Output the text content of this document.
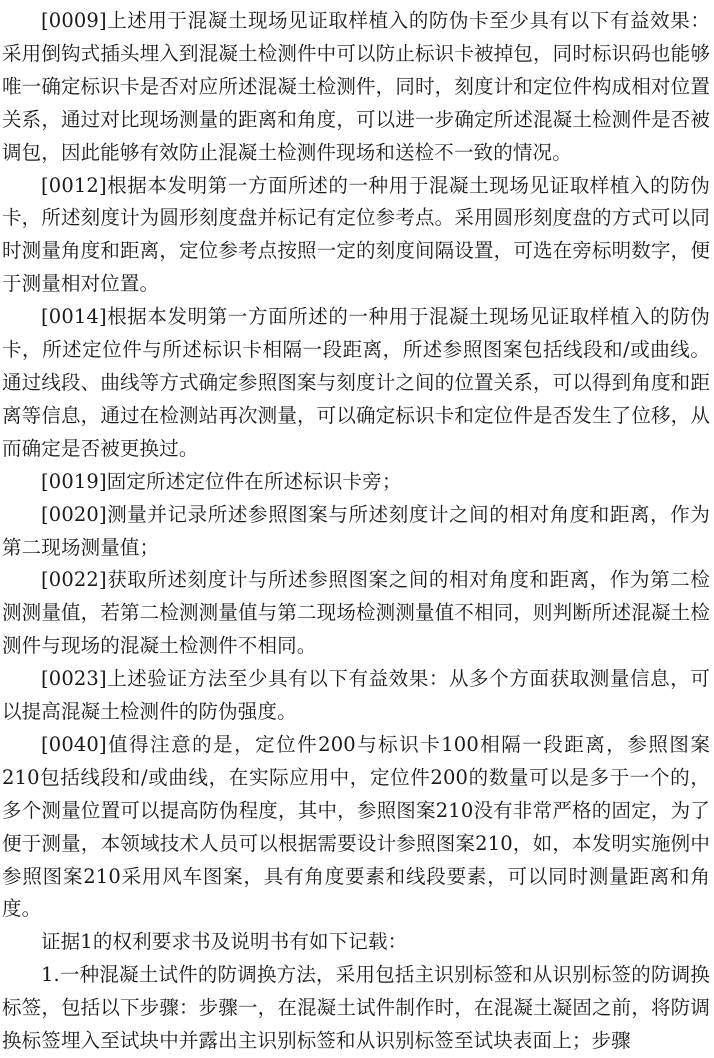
[0009]上述用于混凝土现场见证取样植入的防伪卡至少具有以下有益效果：采用倒钩式插头埋入到混凝土检测件中可以防止标识卡被掉包，同时标识码也能够唯一确定标识卡是否对应所述混凝土检测件，同时，刻度计和定位件构成相对位置关系，通过对比现场测量的距离和角度，可以进一步确定所述混凝土检测件是否被调包，因此能够有效防止混凝土检测件现场和送检不一致的情况。

[0012]根据本发明第一方面所述的一种用于混凝土现场见证取样植入的防伪卡，所述刻度计为圆形刻度盘并标记有定位参考点。采用圆形刻度盘的方式可以同时测量角度和距离，定位参考点按照一定的刻度间隔设置，可选在旁标明数字，便于测量相对位置。

[0014]根据本发明第一方面所述的一种用于混凝土现场见证取样植入的防伪卡，所述定位件与所述标识卡相隔一段距离，所述参照图案包括线段和/或曲线。通过线段、曲线等方式确定参照图案与刻度计之间的位置关系，可以得到角度和距离等信息，通过在检测站再次测量，可以确定标识卡和定位件是否发生了位移，从而确定是否被更换过。

[0019]固定所述定位件在所述标识卡旁；

[0020]测量并记录所述参照图案与所述刻度计之间的相对角度和距离，作为第二现场测量值；

[0022]获取所述刻度计与所述参照图案之间的相对角度和距离，作为第二检测测量值，若第二检测测量值与第二现场检测测量值不相同，则判断所述混凝土检测件与现场的混凝土检测件不相同。

[0023]上述验证方法至少具有以下有益效果：从多个方面获取测量信息，可以提高混凝土检测件的防伪强度。

[0040]值得注意的是，定位件200与标识卡100相隔一段距离，参照图案210包括线段和/或曲线，在实际应用中，定位件200的数量可以是多于一个的，多个测量位置可以提高防伪程度，其中，参照图案210没有非常严格的固定，为了便于测量，本领域技术人员可以根据需要设计参照图案210，如，本发明实施例中参照图案210采用风车图案，具有角度要素和线段要素，可以同时测量距离和角度。

证据1的权利要求书及说明书有如下记载：

1.一种混凝土试件的防调换方法，采用包括主识别标签和从识别标签的防调换标签，包括以下步骤：步骤一，在混凝土试件制作时，在混凝土凝固之前，将防调换标签埋入至试块中并露出主识别标签和从识别标签至试块表面上；步骤
